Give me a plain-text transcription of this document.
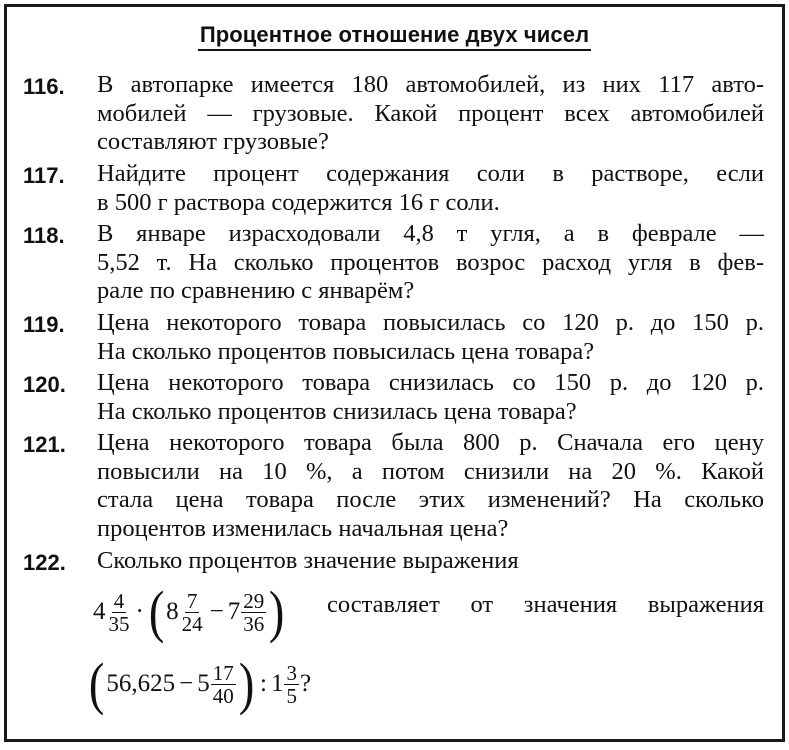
Процентное отношение двух чисел
116. В автопарке имеется 180 автомобилей, из них 117 авто-
мобилей — грузовые. Какой процент всех автомобилей
составляют грузовые?
117. Найдите процент содержания соли в растворе, если
в 500 г раствора содержится 16 г соли.
118. В январе израсходовали 4,8 т угля, а в феврале —
5,52 т. На сколько процентов возрос расход угля в фев-
рале по сравнению с январём?
119. Цена некоторого товара повысилась со 120 р. до 150 р.
На сколько процентов повысилась цена товара?
120. Цена некоторого товара снизилась со 150 р. до 120 р.
На сколько процентов снизилась цена товара?
121. Цена некоторого товара была 800 р. Сначала его цену
повысили на 10 %, а потом снизили на 20 %. Какой
стала цена товара после этих изменений? На сколько
процентов изменилась начальная цена?
122. Сколько процентов значение выражения
$4 \frac{4}{35} \cdot(8 \frac{7}{24} - 7 \frac{29}{36}$ ) составляет от значения выражения
($56,625 - 5 \frac{17}{40}$ ) : $1 \frac{3}{5}$ ?
